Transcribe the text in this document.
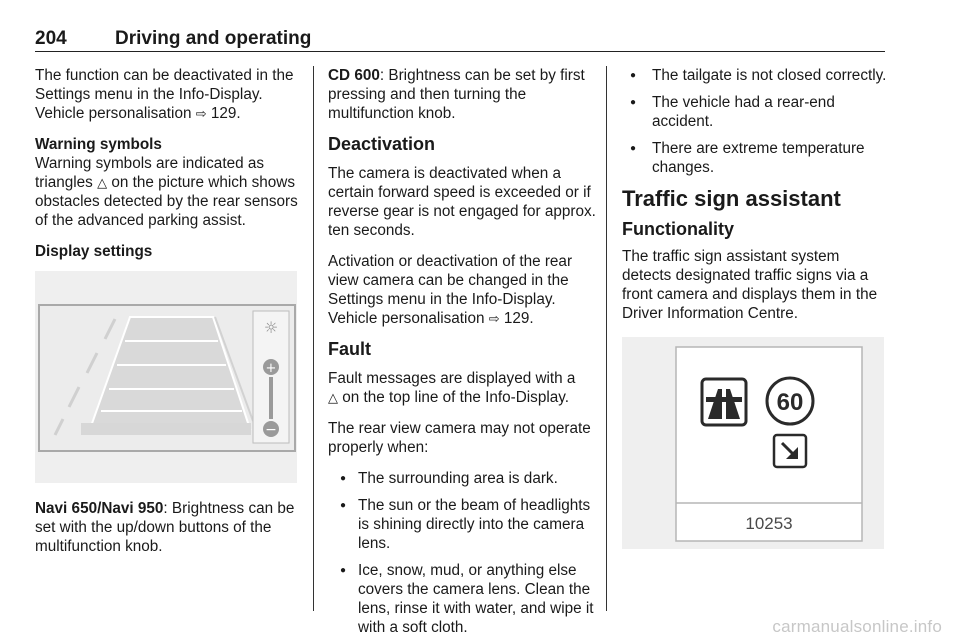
204	Driving and operating

The function can be deactivated in the Settings menu in the Info-Display. Vehicle personalisation ⇨ 129.

Warning symbols

Warning symbols are indicated as triangles △ on the picture which shows obstacles detected by the rear sensors of the advanced parking assist.

Display settings
☼
+
−

Navi 650/Navi 950: Brightness can be set with the up/down buttons of the multifunction knob.

CD 600: Brightness can be set by first pressing and then turning the multifunction knob.

Deactivation

The camera is deactivated when a certain forward speed is exceeded or if reverse gear is not engaged for approx. ten seconds.

Activation or deactivation of the rear view camera can be changed in the Settings menu in the Info-Display. Vehicle personalisation ⇨ 129.

Fault

Fault messages are displayed with a
△ on the top line of the Info-Display.

The rear view camera may not operate properly when:

● The surrounding area is dark.
● The sun or the beam of headlights is shining directly into the camera lens.
● Ice, snow, mud, or anything else covers the camera lens. Clean the lens, rinse it with water, and wipe it with a soft cloth.
● The tailgate is not closed correctly.
● The vehicle had a rear-end accident.
● There are extreme temperature changes.
Traffic sign assistant
Functionality

The traffic sign assistant system detects designated traffic signs via a front camera and displays them in the Driver Information Centre.

60
10253
carmanualsonline.info
